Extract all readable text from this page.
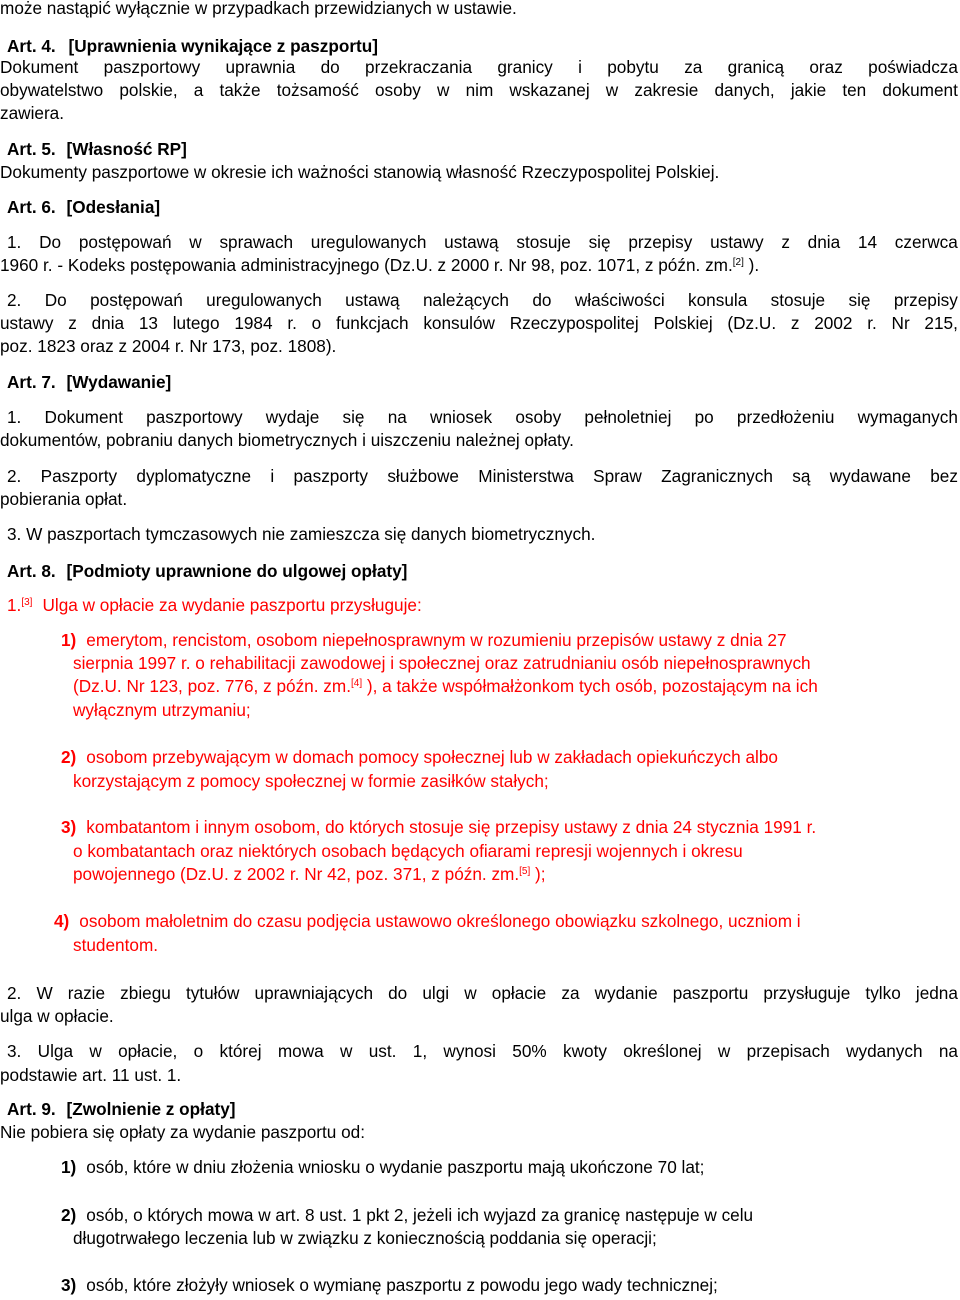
może nastąpić wyłącznie w przypadkach przewidzianych w ustawie.
Art. 4. [Uprawnienia wynikające z paszportu]
Dokument paszportowy uprawnia do przekraczania granicy i pobytu za granicą oraz poświadcza
obywatelstwo polskie, a także tożsamość osoby w nim wskazanej w zakresie danych, jakie ten dokument
zawiera.
Art. 5. [Własność RP]
Dokumenty paszportowe w okresie ich ważności stanowią własność Rzeczypospolitej Polskiej.
Art. 6. [Odesłania]
1. Do postępowań w sprawach uregulowanych ustawą stosuje się przepisy ustawy z dnia 14 czerwca
1960 r. - Kodeks postępowania administracyjnego (Dz.U. z 2000 r. Nr 98, poz. 1071, z późn. zm.[2] ).
2. Do postępowań uregulowanych ustawą należących do właściwości konsula stosuje się przepisy
ustawy z dnia 13 lutego 1984 r. o funkcjach konsulów Rzeczypospolitej Polskiej (Dz.U. z 2002 r. Nr 215,
poz. 1823 oraz z 2004 r. Nr 173, poz. 1808).
Art. 7. [Wydawanie]
1. Dokument paszportowy wydaje się na wniosek osoby pełnoletniej po przedłożeniu wymaganych
dokumentów, pobraniu danych biometrycznych i uiszczeniu należnej opłaty.
2. Paszporty dyplomatyczne i paszporty służbowe Ministerstwa Spraw Zagranicznych są wydawane bez
pobierania opłat.
3. W paszportach tymczasowych nie zamieszcza się danych biometrycznych.
Art. 8. [Podmioty uprawnione do ulgowej opłaty]
1.[3] Ulga w opłacie za wydanie paszportu przysługuje:
1) emerytom, rencistom, osobom niepełnosprawnym w rozumieniu przepisów ustawy z dnia 27
sierpnia 1997 r. o rehabilitacji zawodowej i społecznej oraz zatrudnianiu osób niepełnosprawnych
(Dz.U. Nr 123, poz. 776, z późn. zm.[4] ), a także współmałżonkom tych osób, pozostającym na ich
wyłącznym utrzymaniu;
2) osobom przebywającym w domach pomocy społecznej lub w zakładach opiekuńczych albo
korzystającym z pomocy społecznej w formie zasiłków stałych;
3) kombatantom i innym osobom, do których stosuje się przepisy ustawy z dnia 24 stycznia 1991 r.
o kombatantach oraz niektórych osobach będących ofiarami represji wojennych i okresu
powojennego (Dz.U. z 2002 r. Nr 42, poz. 371, z późn. zm.[5] );
4) osobom małoletnim do czasu podjęcia ustawowo określonego obowiązku szkolnego, uczniom i
studentom.
2. W razie zbiegu tytułów uprawniających do ulgi w opłacie za wydanie paszportu przysługuje tylko jedna
ulga w opłacie.
3. Ulga w opłacie, o której mowa w ust. 1, wynosi 50% kwoty określonej w przepisach wydanych na
podstawie art. 11 ust. 1.
Art. 9. [Zwolnienie z opłaty]
Nie pobiera się opłaty za wydanie paszportu od:
1) osób, które w dniu złożenia wniosku o wydanie paszportu mają ukończone 70 lat;
2) osób, o których mowa w art. 8 ust. 1 pkt 2, jeżeli ich wyjazd za granicę następuje w celu
długotrwałego leczenia lub w związku z koniecznością poddania się operacji;
3) osób, które złożyły wniosek o wymianę paszportu z powodu jego wady technicznej;
